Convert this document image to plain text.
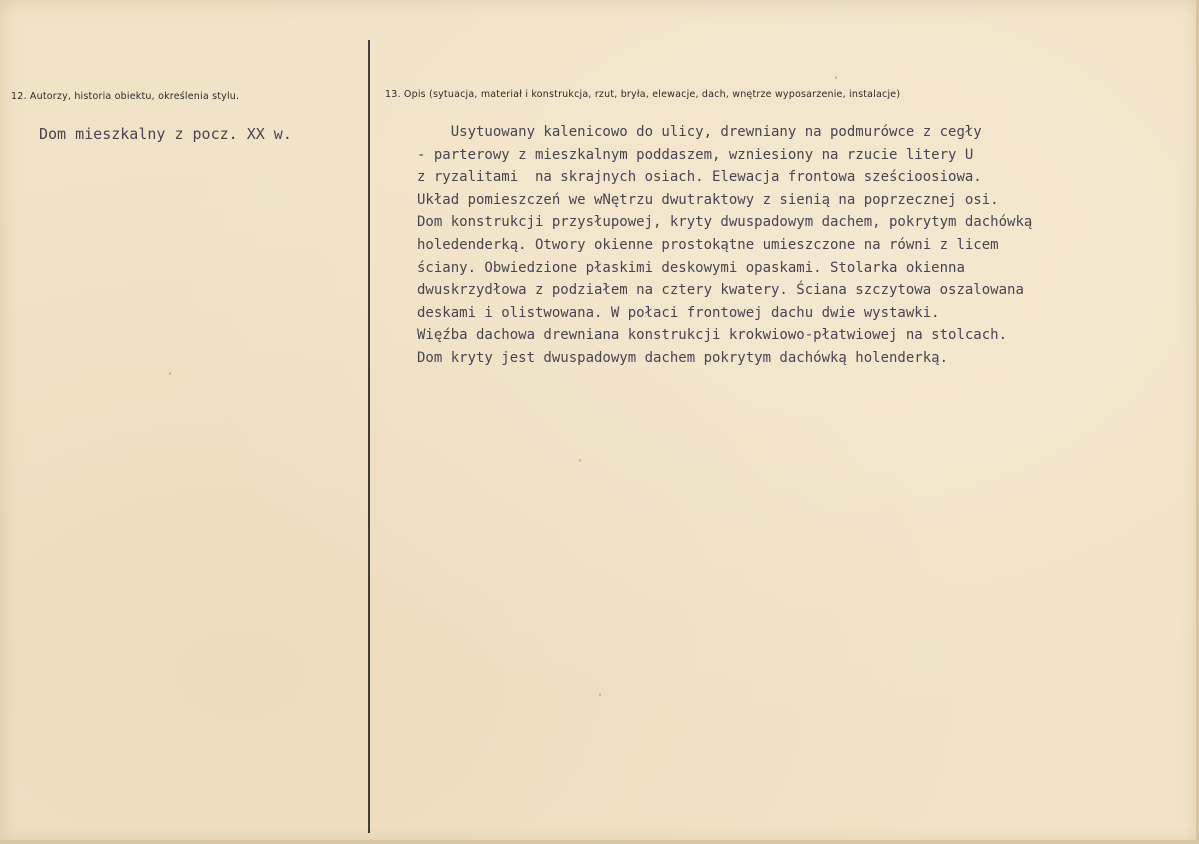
12. Autorzy, historia obiektu, określenia stylu.
Dom mieszkalny z pocz. XX w.
13. Opis (sytuacja, materiał i konstrukcja, rzut, bryła, elewacje, dach, wnętrze wyposarzenie, instalacje)
Usytuowany kalenicowo do ulicy, drewniany na podmurówce z cegły
- parterowy z mieszkalnym poddaszem, wzniesiony na rzucie litery U
z ryzalitami  na skrajnych osiach. Elewacja frontowa sześcioosiowa.
Układ pomieszczeń we wNętrzu dwutraktowy z sienią na poprzecznej osi.
Dom konstrukcji przysłupowej, kryty dwuspadowym dachem, pokrytym dachówką
holedenderką. Otwory okienne prostokątne umieszczone na równi z licem
ściany. Obwiedzione płaskimi deskowymi opaskami. Stolarka okienna
dwuskrzydłowa z podziałem na cztery kwatery. Ściana szczytowa oszalowana
deskami i olistwowana. W połaci frontowej dachu dwie wystawki.
Więźba dachowa drewniana konstrukcji krokwiowo-płatwiowej na stolcach.
Dom kryty jest dwuspadowym dachem pokrytym dachówką holenderką.
